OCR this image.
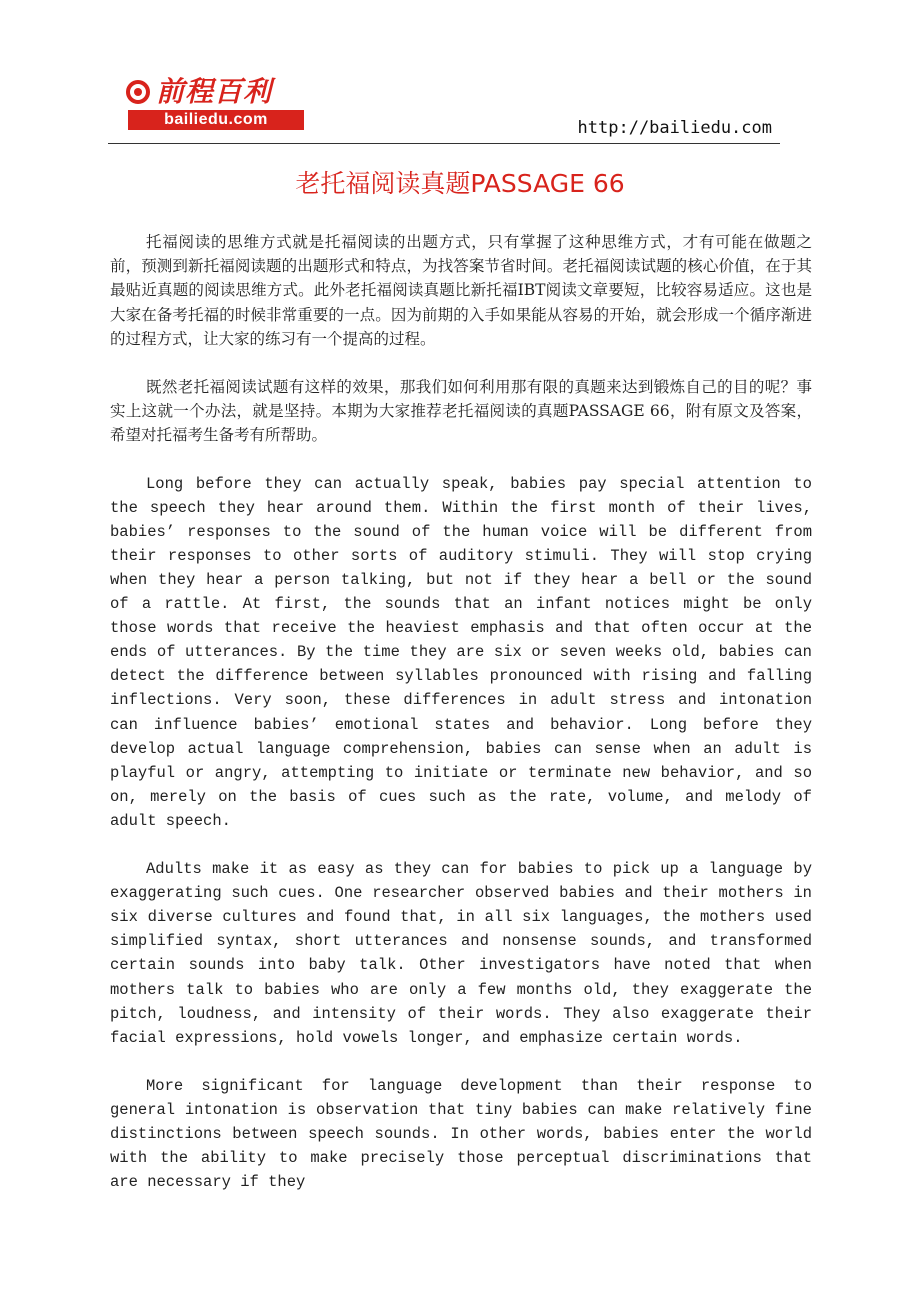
前程百利
bailiedu.com	http://bailiedu.com
老托福阅读真题PASSAGE 66

托福阅读的思维方式就是托福阅读的出题方式，只有掌握了这种思维方式，才有可能在做题之前，预测到新托福阅读题的出题形式和特点，为找答案节省时间。老托福阅读试题的核心价值，在于其最贴近真题的阅读思维方式。此外老托福阅读真题比新托福IBT阅读文章要短，比较容易适应。这也是大家在备考托福的时候非常重要的一点。因为前期的入手如果能从容易的开始，就会形成一个循序渐进的过程方式，让大家的练习有一个提高的过程。

既然老托福阅读试题有这样的效果，那我们如何利用那有限的真题来达到锻炼自己的目的呢？事实上这就一个办法，就是坚持。本期为大家推荐老托福阅读的真题PASSAGE 66，附有原文及答案，希望对托福考生备考有所帮助。

Long before they can actually speak, babies pay special attention to the speech they hear around them. Within the first month of their lives, babies’ responses to the sound of the human voice will be different from their responses to other sorts of auditory stimuli. They will stop crying when they hear a person talking, but not if they hear a bell or the sound of a rattle. At first, the sounds that an infant notices might be only those words that receive the heaviest emphasis and that often occur at the ends of utterances. By the time they are six or seven weeks old, babies can detect the difference between syllables pronounced with rising and falling inflections. Very soon, these differences in adult stress and intonation can influence babies’ emotional states and behavior. Long before they develop actual language comprehension, babies can sense when an adult is playful or angry, attempting to initiate or terminate new behavior, and so on, merely on the basis of cues such as the rate, volume, and melody of adult speech.

Adults make it as easy as they can for babies to pick up a language by exaggerating such cues. One researcher observed babies and their mothers in six diverse cultures and found that, in all six languages, the mothers used simplified syntax, short utterances and nonsense sounds, and transformed certain sounds into baby talk. Other investigators have noted that when mothers talk to babies who are only a few months old, they exaggerate the pitch, loudness, and intensity of their words. They also exaggerate their facial expressions, hold vowels longer, and emphasize certain words.

More significant for language development than their response to general intonation is observation that tiny babies can make relatively fine distinctions between speech sounds. In other words, babies enter the world with the ability to make precisely those perceptual discriminations that are necessary if they
